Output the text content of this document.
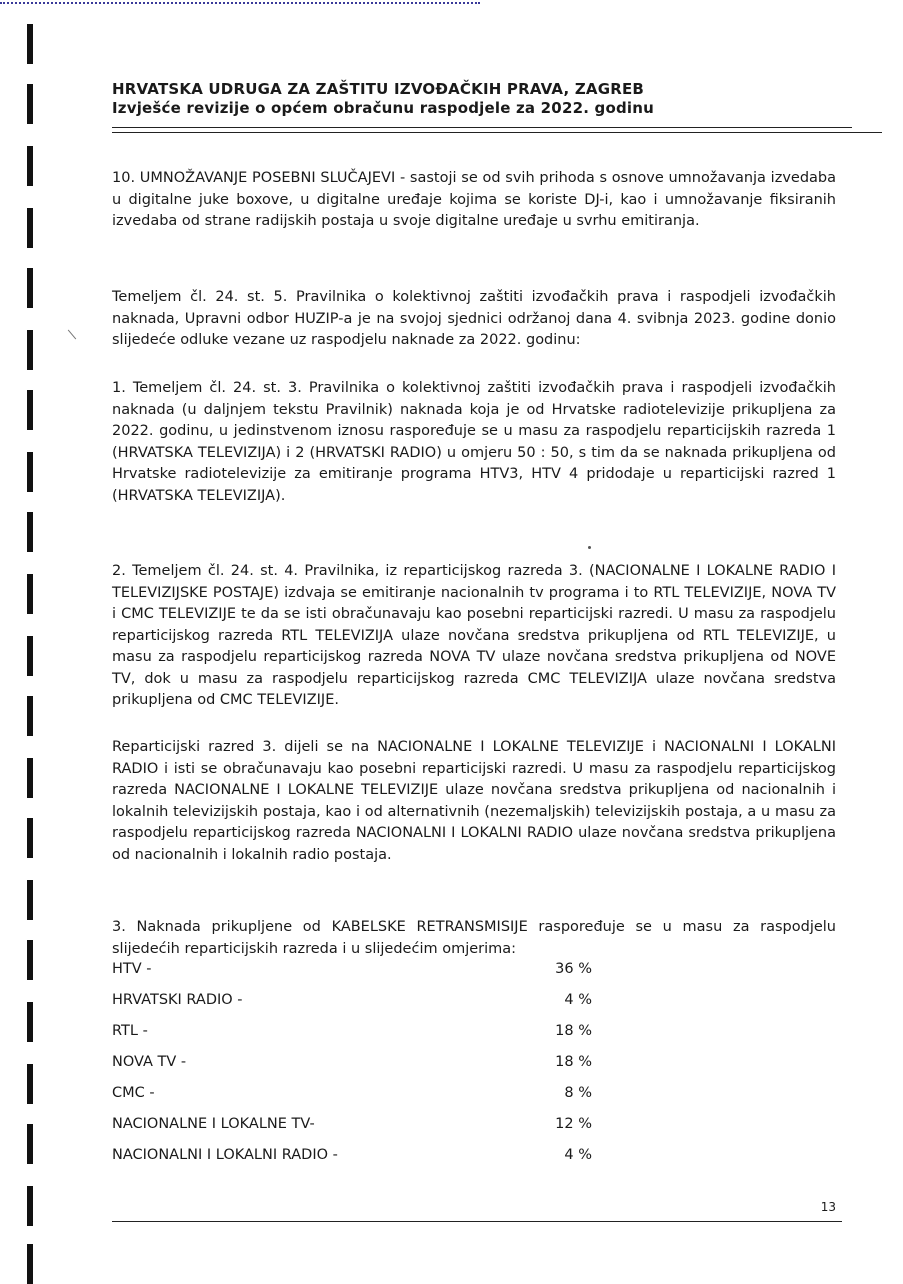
HRVATSKA UDRUGA ZA ZAŠTITU IZVOĐAČKIH PRAVA, ZAGREB
Izvješće revizije o općem obračunu raspodjele za 2022. godinu
10. UMNOŽAVANJE POSEBNI SLUČAJEVI - sastoji se od svih prihoda s osnove umnožavanja izvedaba u digitalne juke boxove, u digitalne uređaje kojima se koriste DJ-i, kao i umnožavanje fiksiranih izvedaba od strane radijskih postaja u svoje digitalne uređaje u svrhu emitiranja.
Temeljem čl. 24. st. 5. Pravilnika o kolektivnoj zaštiti izvođačkih prava i raspodjeli izvođačkih naknada, Upravni odbor HUZIP-a je na svojoj sjednici održanoj dana 4. svibnja 2023. godine donio slijedeće odluke vezane uz raspodjelu naknade za 2022. godinu:
1. Temeljem čl. 24. st. 3. Pravilnika o kolektivnoj zaštiti izvođačkih prava i raspodjeli izvođačkih naknada (u daljnjem tekstu Pravilnik) naknada koja je od Hrvatske radiotelevizije prikupljena za 2022. godinu, u jedinstvenom iznosu raspoređuje se u masu za raspodjelu reparticijskih razreda 1 (HRVATSKA TELEVIZIJA) i 2 (HRVATSKI RADIO) u omjeru 50 : 50, s tim da se naknada prikupljena od Hrvatske radiotelevizije za emitiranje programa HTV3, HTV 4 pridodaje u reparticijski razred 1 (HRVATSKA TELEVIZIJA).
2. Temeljem čl. 24. st. 4. Pravilnika, iz reparticijskog razreda 3. (NACIONALNE I LOKALNE RADIO I TELEVIZIJSKE POSTAJE) izdvaja se emitiranje nacionalnih tv programa i to RTL TELEVIZIJE, NOVA TV i CMC TELEVIZIJE te da se isti obračunavaju kao posebni reparticijski razredi. U masu za raspodjelu reparticijskog razreda RTL TELEVIZIJA ulaze novčana sredstva prikupljena od RTL TELEVIZIJE, u masu za raspodjelu reparticijskog razreda NOVA TV ulaze novčana sredstva prikupljena od NOVE TV, dok u masu za raspodjelu reparticijskog razreda CMC TELEVIZIJA ulaze novčana sredstva prikupljena od CMC TELEVIZIJE.
Reparticijski razred 3. dijeli se na NACIONALNE I LOKALNE TELEVIZIJE i NACIONALNI I LOKALNI RADIO i isti se obračunavaju kao posebni reparticijski razredi. U masu za raspodjelu reparticijskog razreda NACIONALNE I LOKALNE TELEVIZIJE ulaze novčana sredstva prikupljena od nacionalnih i lokalnih televizijskih postaja, kao i od alternativnih (nezemaljskih) televizijskih postaja, a u masu za raspodjelu reparticijskog razreda NACIONALNI I LOKALNI RADIO ulaze novčana sredstva prikupljena od nacionalnih i lokalnih radio postaja.
3. Naknada prikupljene od KABELSKE RETRANSMISIJE raspoređuje se u masu za raspodjelu slijedećih reparticijskih razreda i u slijedećim omjerima:
HTV -	36 %
HRVATSKI RADIO -	4 %
RTL -	18 %
NOVA TV -	18 %
CMC -	8 %
NACIONALNE I LOKALNE TV-	12 %
NACIONALNI I LOKALNI RADIO -	4 %
13
